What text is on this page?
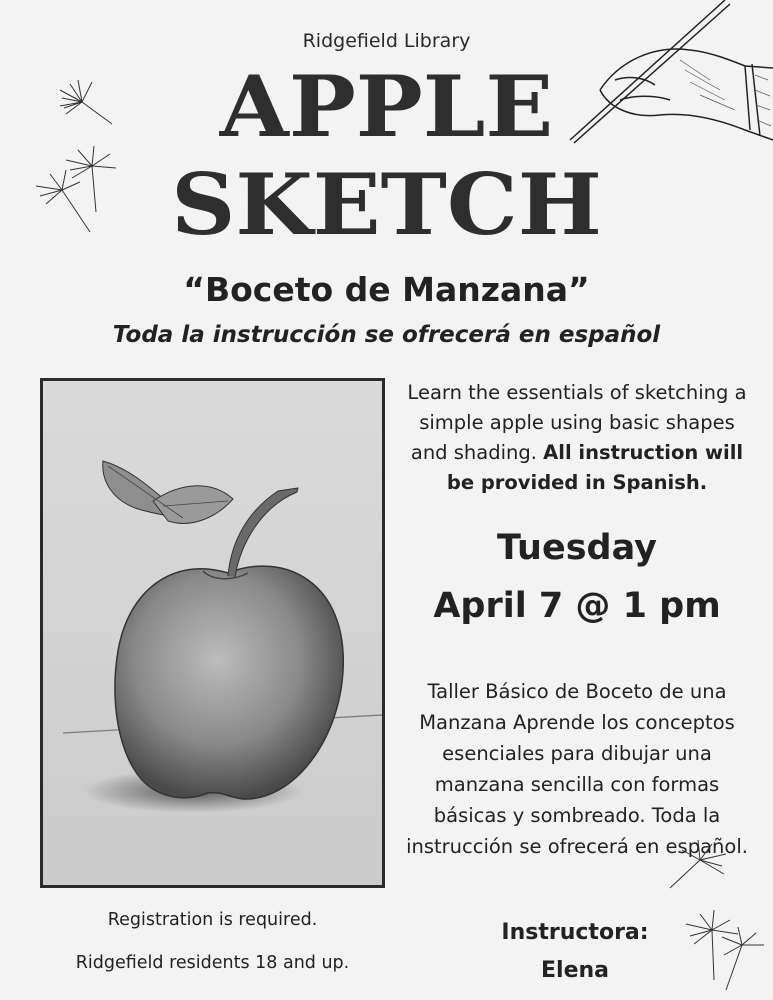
Ridgefield Library
APPLE
SKETCH
“Boceto de Manzana”
Toda la instrucción se ofrecerá en español
Learn the essentials of sketching a simple apple using basic shapes and shading. All instruction will be provided in Spanish.
Tuesday
April 7 @ 1 pm
Taller Básico de Boceto de una Manzana Aprende los conceptos esenciales para dibujar una manzana sencilla con formas básicas y sombreado. Toda la instrucción se ofrecerá en español.
Registration is required.
Ridgefield residents 18 and up.
Instructora:
Elena
